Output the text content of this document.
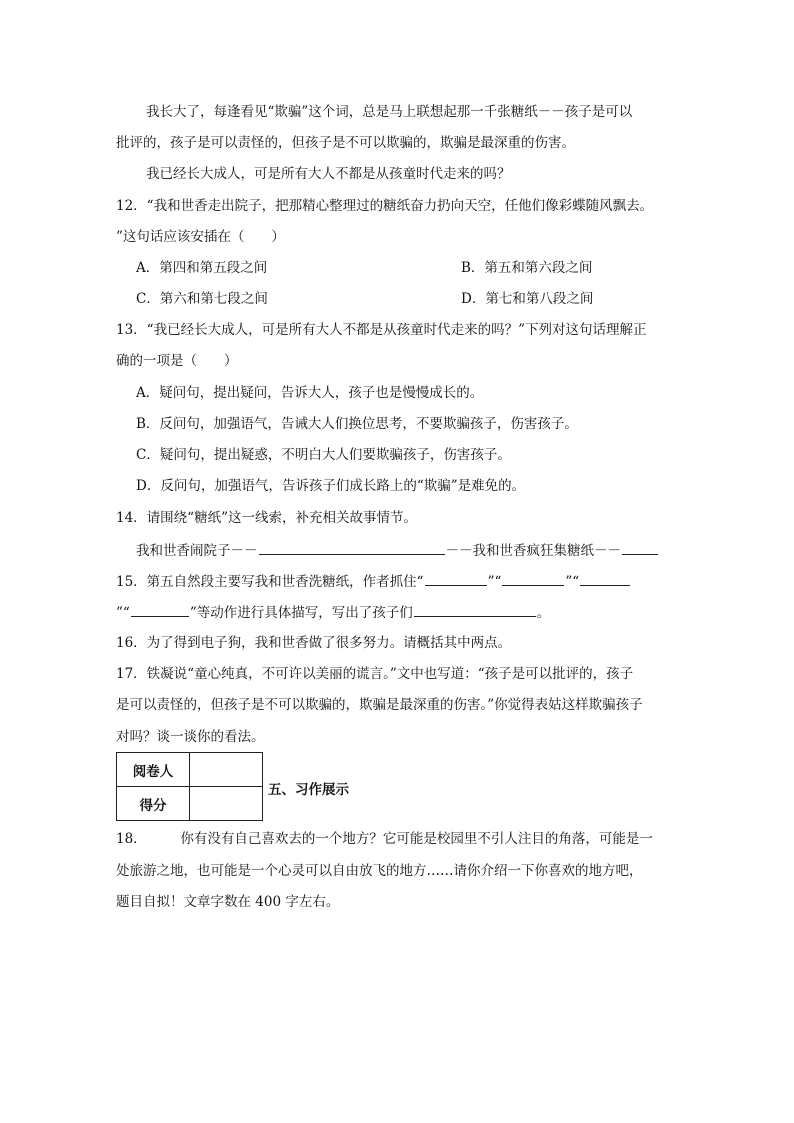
我长大了，每逢看见“欺骗”这个词，总是马上联想起那一千张糖纸－－孩子是可以
批评的，孩子是可以责怪的，但孩子是不可以欺骗的，欺骗是最深重的伤害。
我已经长大成人，可是所有大人不都是从孩童时代走来的吗？
12．“我和世香走出院子，把那精心整理过的糖纸奋力扔向天空，任他们像彩蝶随风飘去。
”这句话应该安插在（　　）
A．第四和第五段之间	B．第五和第六段之间
C．第六和第七段之间	D．第七和第八段之间
13．“我已经长大成人，可是所有大人不都是从孩童时代走来的吗？”下列对这句话理解正
确的一项是（　　）
A．疑问句，提出疑问，告诉大人，孩子也是慢慢成长的。
B．反问句，加强语气，告诫大人们换位思考，不要欺骗孩子，伤害孩子。
C．疑问句，提出疑惑，不明白大人们要欺骗孩子，伤害孩子。
D．反问句，加强语气，告诉孩子们成长路上的“欺骗”是难免的。
14．请围绕“糖纸”这一线索，补充相关故事情节。
我和世香闹院子－－	－－我和世香疯狂集糖纸－－
15．第五自然段主要写我和世香洗糖纸，作者抓住“	”“	”“
”“	”等动作进行具体描写，写出了孩子们	。
16．为了得到电子狗，我和世香做了很多努力。请概括其中两点。
17．铁凝说“童心纯真，不可许以美丽的谎言。”文中也写道：“孩子是可以批评的，孩子
是可以责怪的，但孩子是不可以欺骗的，欺骗是最深重的伤害。”你觉得表姑这样欺骗孩子
对吗？谈一谈你的看法。
阅卷人	
得分	
五、习作展示
18．　　　你有没有自己喜欢去的一个地方？它可能是校园里不引人注目的角落，可能是一
处旅游之地，也可能是一个心灵可以自由放飞的地方……请你介绍一下你喜欢的地方吧，
题目自拟！文章字数在 400 字左右。
